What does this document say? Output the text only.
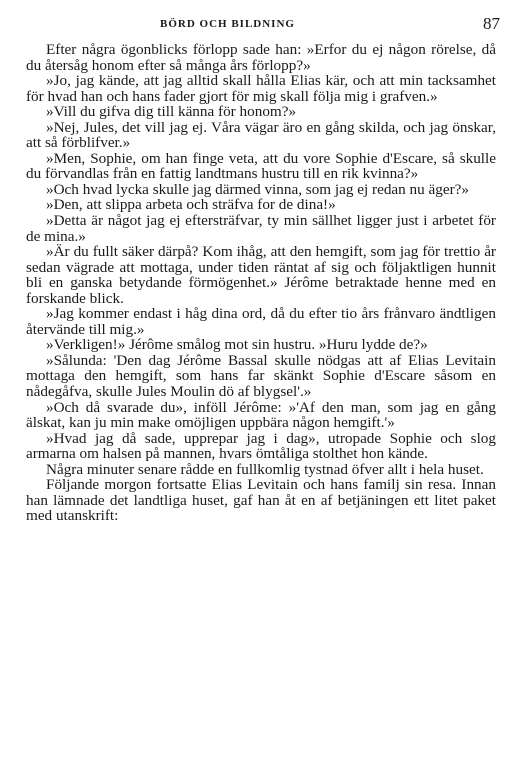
BÖRD OCH BILDNING	87

Efter några ögonblicks förlopp sade han: »Erfor du ej någon rörelse, då du återsåg honom efter så många års förlopp?»

»Jo, jag kände, att jag alltid skall hålla Elias kär, och att min tacksamhet för hvad han och hans fader gjort för mig skall följa mig i grafven.»

»Vill du gifva dig till känna för honom?»

»Nej, Jules, det vill jag ej. Våra vägar äro en gång skilda, och jag önskar, att så förblifver.»

»Men, Sophie, om han finge veta, att du vore Sophie d'Escare, så skulle du förvandlas från en fattig landtmans hustru till en rik kvinna?»

»Och hvad lycka skulle jag därmed vinna, som jag ej redan nu äger?»

»Den, att slippa arbeta och sträfva for de dina!»

»Detta är något jag ej eftersträfvar, ty min sällhet ligger just i arbetet för de mina.»

»Är du fullt säker därpå? Kom ihåg, att den hemgift, som jag för trettio år sedan vägrade att mottaga, under tiden räntat af sig och följaktligen hunnit bli en ganska betydande förmögenhet.» Jérôme betraktade henne med en forskande blick.

»Jag kommer endast i håg dina ord, då du efter tio års frånvaro ändtligen återvände till mig.»

»Verkligen!» Jérôme smålog mot sin hustru. »Huru lydde de?»

»Sålunda: 'Den dag Jérôme Bassal skulle nödgas att af Elias Levitain mottaga den hemgift, som hans far skänkt Sophie d'Escare såsom en nådegåfva, skulle Jules Moulin dö af blygsel'.»

»Och då svarade du», inföll Jérôme: »'Af den man, som jag en gång älskat, kan ju min make omöjligen uppbära någon hemgift.'»

»Hvad jag då sade, upprepar jag i dag», utropade Sophie och slog armarna om halsen på mannen, hvars ömtåliga stolthet hon kände.

Några minuter senare rådde en fullkomlig tystnad öfver allt i hela huset.

Följande morgon fortsatte Elias Levitain och hans familj sin resa. Innan han lämnade det landtliga huset, gaf han åt en af betjäningen ett litet paket med utanskrift:
